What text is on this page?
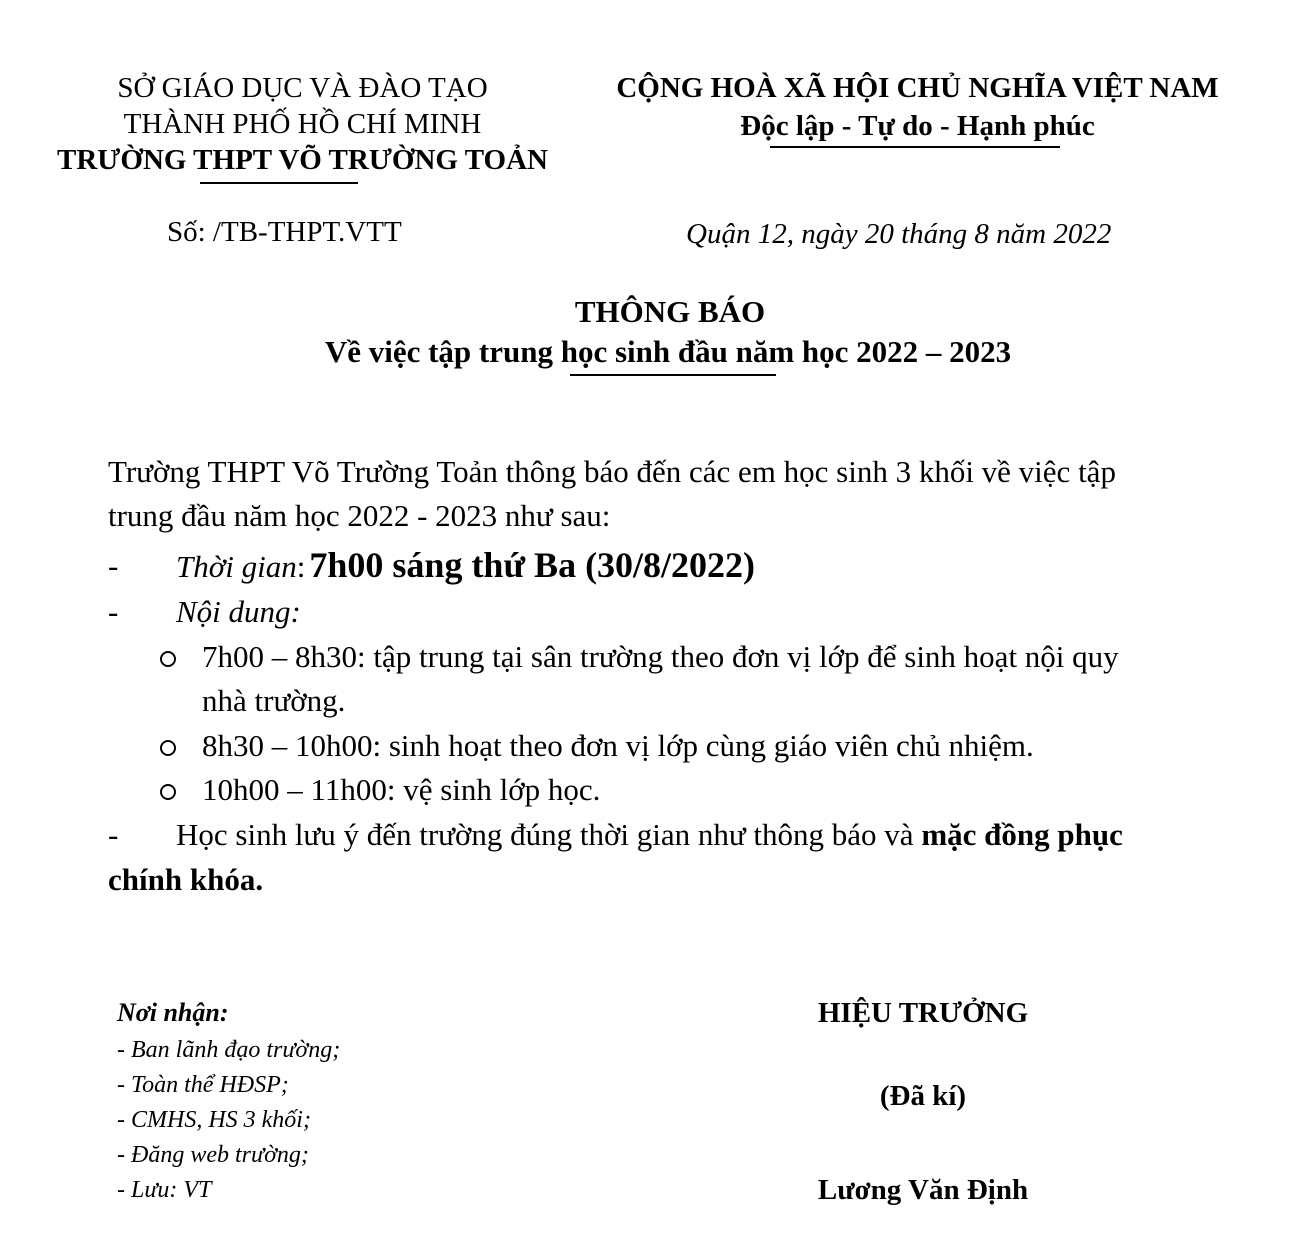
SỞ GIÁO DỤC VÀ ĐÀO TẠO
THÀNH PHỐ HỒ CHÍ MINH
TRƯỜNG THPT VÕ TRƯỜNG TOẢN
CỘNG HOÀ XÃ HỘI CHỦ NGHĨA VIỆT NAM
Độc lập - Tự do - Hạnh phúc
Số: /TB-THPT.VTT	Quận 12, ngày 20 tháng 8 năm 2022
THÔNG BÁO
Về việc tập trung học sinh đầu năm học 2022 – 2023
Trường THPT Võ Trường Toản thông báo đến các em học sinh 3 khối về việc tập
trung đầu năm học 2022 - 2023 như sau:
- Thời gian: 7h00 sáng thứ Ba (30/8/2022)
- Nội dung:
7h00 – 8h30: tập trung tại sân trường theo đơn vị lớp để sinh hoạt nội quy
nhà trường.
8h30 – 10h00: sinh hoạt theo đơn vị lớp cùng giáo viên chủ nhiệm.
10h00 – 11h00: vệ sinh lớp học.
- Học sinh lưu ý đến trường đúng thời gian như thông báo và mặc đồng phục
chính khóa.
Nơi nhận:
- Ban lãnh đạo trường;
- Toàn thể HĐSP;
- CMHS, HS 3 khối;
- Đăng web trường;
- Lưu: VT
HIỆU TRƯỞNG
(Đã kí)
Lương Văn Định
